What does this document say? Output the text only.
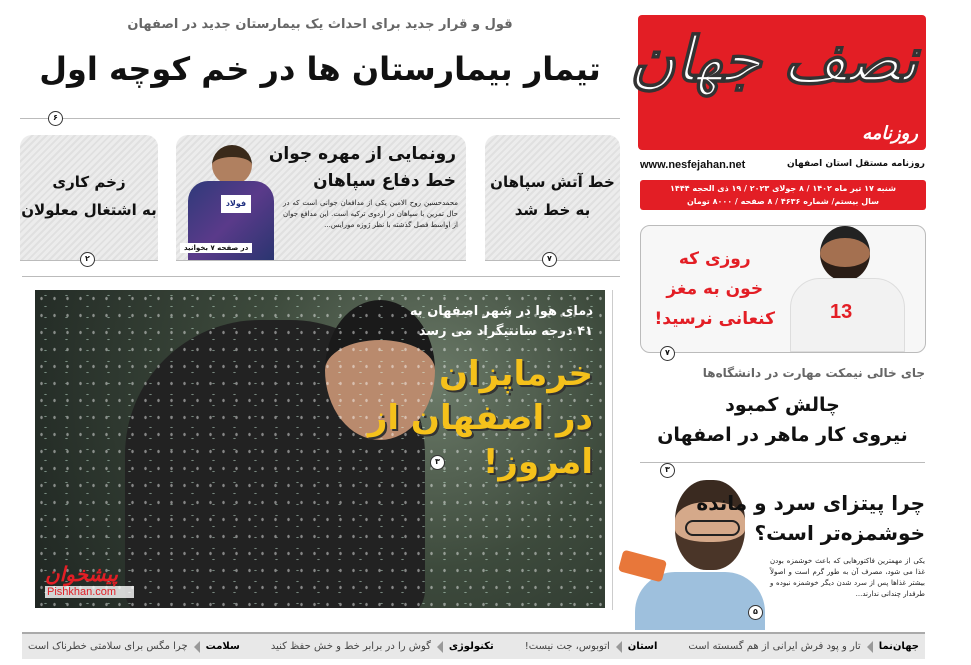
نصف جهان
روزنامه
www.nesfejahan.net	روزنامه مستقل استان اصفهان
شنبه ۱۷ تیر ماه ۱۴۰۲ / ۸ جولای ۲۰۲۳ / ۱۹ ذی الحجه ۱۴۴۴
سال بیستم/ شماره ۴۶۳۶ / ۸ صفحه / ۸۰۰۰ تومان
قول و قرار جدید برای احداث یک بیمارستان جدید در اصفهان
تیمار بیمارستان ها در خم کوچه اول
۶
زخم کاری
به اشتغال معلولان
۲
فولاد
رونمایی از مهره جوان
خط دفاع سپاهان
محمدحسین روح الامین یکی از مدافعان جوانی است که در حال تمرین با سپاهان در اردوی ترکیه است. این مدافع جوان از اواسط فصل گذشته با نظر ژوزه مورایس...
در صفحه ۷ بخوانید
خط آتش سپاهان
به خط شد
۷
دمای هوا در شهر اصفهان به
۴۱ درجه سانتیگراد می رسد
خرماپزان
در اصفهان از
امروز!
۳
پیشخوان
Pishkhan.com
روزی که
خون به مغز
کنعانی نرسید!	13
۷
جای خالی نیمکت مهارت در دانشگاه‌ها
چالش کمبود
نیروی کار ماهر در اصفهان
۳
چرا پیتزای سرد و مانده
خوشمزه‌تر است؟
یکی از مهمترین فاکتورهایی که باعث خوشمزه بودن غذا می شود، مصرف آن به طور گرم است و اصولاً بیشتر غذاها پس از سرد شدن دیگر خوشمزه نبوده و طرفدار چندانی ندارند...
۵
جهان‌نما
تار و پود فرش ایرانی از هم گسسته است
استان
اتوبوس، جت نیست!
تکنولوژی
گوش را در برابر خط و خش حفظ کنید
سلامت
چرا مگس برای سلامتی خطرناک است
